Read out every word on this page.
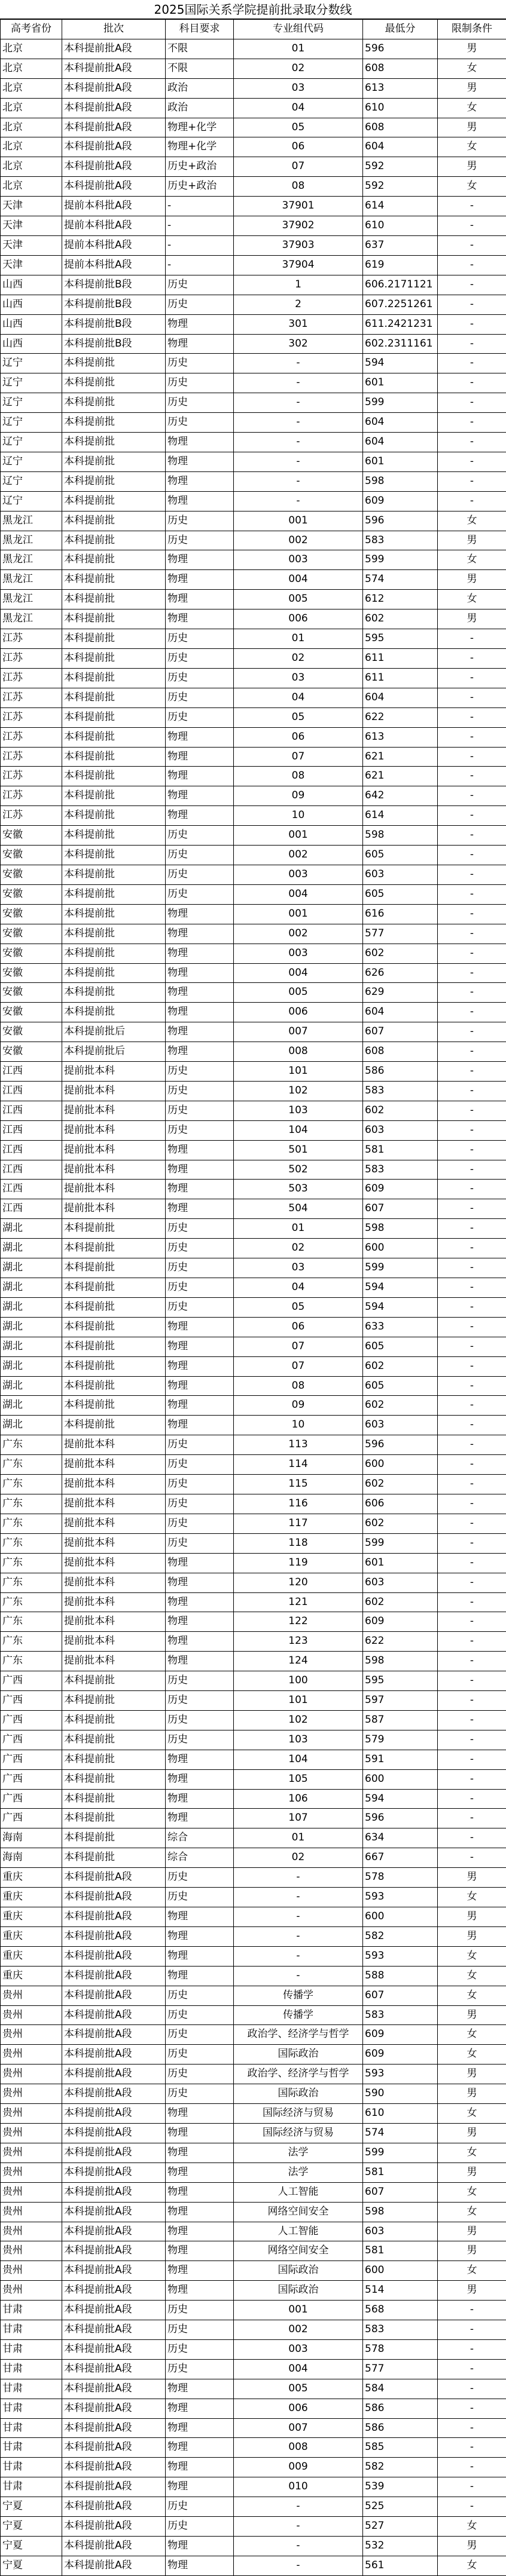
2025国际关系学院提前批录取分数线
高考省份	批次	科目要求	专业组代码	最低分	限制条件
北京	本科提前批A段	不限	01	596	男
北京	本科提前批A段	不限	02	608	女
北京	本科提前批A段	政治	03	613	男
北京	本科提前批A段	政治	04	610	女
北京	本科提前批A段	物理+化学	05	608	男
北京	本科提前批A段	物理+化学	06	604	女
北京	本科提前批A段	历史+政治	07	592	男
北京	本科提前批A段	历史+政治	08	592	女
天津	提前本科批A段	-	37901	614	-
天津	提前本科批A段	-	37902	610	-
天津	提前本科批A段	-	37903	637	-
天津	提前本科批A段	-	37904	619	-
山西	本科提前批B段	历史	1	606.2171121	-
山西	本科提前批B段	历史	2	607.2251261	-
山西	本科提前批B段	物理	301	611.2421231	-
山西	本科提前批B段	物理	302	602.2311161	-
辽宁	本科提前批	历史	-	594	-
辽宁	本科提前批	历史	-	601	-
辽宁	本科提前批	历史	-	599	-
辽宁	本科提前批	历史	-	604	-
辽宁	本科提前批	物理	-	604	-
辽宁	本科提前批	物理	-	601	-
辽宁	本科提前批	物理	-	598	-
辽宁	本科提前批	物理	-	609	-
黑龙江	本科提前批	历史	001	596	女
黑龙江	本科提前批	历史	002	583	男
黑龙江	本科提前批	物理	003	599	女
黑龙江	本科提前批	物理	004	574	男
黑龙江	本科提前批	物理	005	612	女
黑龙江	本科提前批	物理	006	602	男
江苏	本科提前批	历史	01	595	-
江苏	本科提前批	历史	02	611	-
江苏	本科提前批	历史	03	611	-
江苏	本科提前批	历史	04	604	-
江苏	本科提前批	历史	05	622	-
江苏	本科提前批	物理	06	613	-
江苏	本科提前批	物理	07	621	-
江苏	本科提前批	物理	08	621	-
江苏	本科提前批	物理	09	642	-
江苏	本科提前批	物理	10	614	-
安徽	本科提前批	历史	001	598	-
安徽	本科提前批	历史	002	605	-
安徽	本科提前批	历史	003	603	-
安徽	本科提前批	历史	004	605	-
安徽	本科提前批	物理	001	616	-
安徽	本科提前批	物理	002	577	-
安徽	本科提前批	物理	003	602	-
安徽	本科提前批	物理	004	626	-
安徽	本科提前批	物理	005	629	-
安徽	本科提前批	物理	006	604	-
安徽	本科提前批后	物理	007	607	-
安徽	本科提前批后	物理	008	608	-
江西	提前批本科	历史	101	586	-
江西	提前批本科	历史	102	583	-
江西	提前批本科	历史	103	602	-
江西	提前批本科	历史	104	603	-
江西	提前批本科	物理	501	581	-
江西	提前批本科	物理	502	583	-
江西	提前批本科	物理	503	609	-
江西	提前批本科	物理	504	607	-
湖北	本科提前批	历史	01	598	-
湖北	本科提前批	历史	02	600	-
湖北	本科提前批	历史	03	599	-
湖北	本科提前批	历史	04	594	-
湖北	本科提前批	历史	05	594	-
湖北	本科提前批	物理	06	633	-
湖北	本科提前批	物理	07	605	-
湖北	本科提前批	物理	07	602	-
湖北	本科提前批	物理	08	605	-
湖北	本科提前批	物理	09	602	-
湖北	本科提前批	物理	10	603	-
广东	提前批本科	历史	113	596	-
广东	提前批本科	历史	114	600	-
广东	提前批本科	历史	115	602	-
广东	提前批本科	历史	116	606	-
广东	提前批本科	历史	117	602	-
广东	提前批本科	历史	118	599	-
广东	提前批本科	物理	119	601	-
广东	提前批本科	物理	120	603	-
广东	提前批本科	物理	121	602	-
广东	提前批本科	物理	122	609	-
广东	提前批本科	物理	123	622	-
广东	提前批本科	物理	124	598	-
广西	本科提前批	历史	100	595	-
广西	本科提前批	历史	101	597	-
广西	本科提前批	历史	102	587	-
广西	本科提前批	历史	103	579	-
广西	本科提前批	物理	104	591	-
广西	本科提前批	物理	105	600	-
广西	本科提前批	物理	106	594	-
广西	本科提前批	物理	107	596	-
海南	本科提前批	综合	01	634	-
海南	本科提前批	综合	02	667	-
重庆	本科提前批A段	历史	-	578	男
重庆	本科提前批A段	历史	-	593	女
重庆	本科提前批A段	物理	-	600	男
重庆	本科提前批A段	物理	-	582	男
重庆	本科提前批A段	物理	-	593	女
重庆	本科提前批A段	物理	-	588	女
贵州	本科提前批A段	历史	传播学	607	女
贵州	本科提前批A段	历史	传播学	583	男
贵州	本科提前批A段	历史	政治学、经济学与哲学	609	女
贵州	本科提前批A段	历史	国际政治	609	女
贵州	本科提前批A段	历史	政治学、经济学与哲学	593	男
贵州	本科提前批A段	历史	国际政治	590	男
贵州	本科提前批A段	物理	国际经济与贸易	610	女
贵州	本科提前批A段	物理	国际经济与贸易	574	男
贵州	本科提前批A段	物理	法学	599	女
贵州	本科提前批A段	物理	法学	581	男
贵州	本科提前批A段	物理	人工智能	607	女
贵州	本科提前批A段	物理	网络空间安全	598	女
贵州	本科提前批A段	物理	人工智能	603	男
贵州	本科提前批A段	物理	网络空间安全	581	男
贵州	本科提前批A段	物理	国际政治	600	女
贵州	本科提前批A段	物理	国际政治	514	男
甘肃	本科提前批A段	历史	001	568	-
甘肃	本科提前批A段	历史	002	583	-
甘肃	本科提前批A段	历史	003	578	-
甘肃	本科提前批A段	历史	004	577	-
甘肃	本科提前批A段	物理	005	584	-
甘肃	本科提前批A段	物理	006	586	-
甘肃	本科提前批A段	物理	007	586	-
甘肃	本科提前批A段	物理	008	585	-
甘肃	本科提前批A段	物理	009	582	-
甘肃	本科提前批A段	物理	010	539	-
宁夏	本科提前批A段	历史	-	525	-
宁夏	本科提前批A段	历史	-	527	女
宁夏	本科提前批A段	物理	-	532	男
宁夏	本科提前批A段	物理	-	561	女
